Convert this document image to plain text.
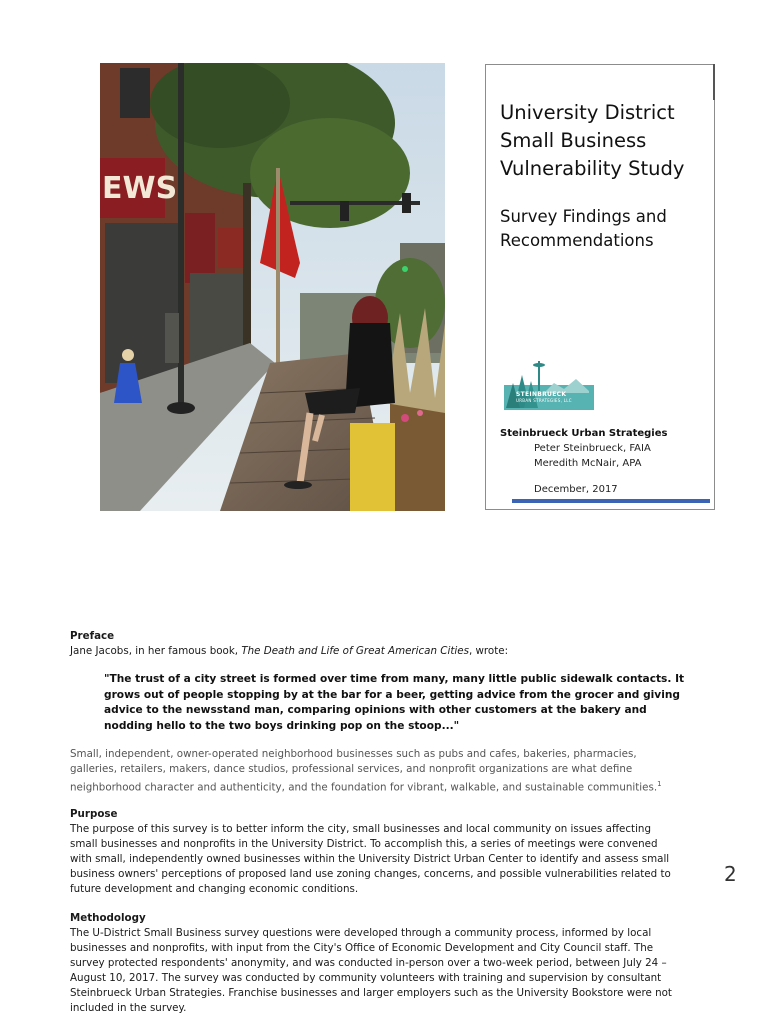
EWS
University District
Small Business
Vulnerability Study
Survey Findings and
Recommendations
STEINBRUECK
URBAN STRATEGIES, LLC
Steinbrueck Urban Strategies
Peter Steinbrueck, FAIA
Meredith McNair, APA
December, 2017
Preface
Jane Jacobs, in her famous book, The Death and Life of Great American Cities, wrote:
"The trust of a city street is formed over time from many, many little public sidewalk contacts. It
grows out of people stopping by at the bar for a beer, getting advice from the grocer and giving
advice to the newsstand man, comparing opinions with other customers at the bakery and
nodding hello to the two boys drinking pop on the stoop..."
Small, independent, owner-operated neighborhood businesses such as pubs and cafes, bakeries, pharmacies,
galleries, retailers, makers, dance studios, professional services, and nonprofit organizations are what define
neighborhood character and authenticity, and the foundation for vibrant, walkable, and sustainable communities.$^1$
Purpose
The purpose of this survey is to better inform the city, small businesses and local community on issues affecting
small businesses and nonprofits in the University District. To accomplish this, a series of meetings were convened
with small, independently owned businesses within the University District Urban Center to identify and assess small
business owners' perceptions of proposed land use zoning changes, concerns, and possible vulnerabilities related to
future development and changing economic conditions.
Methodology
The U-District Small Business survey questions were developed through a community process, informed by local
businesses and nonprofits, with input from the City's Office of Economic Development and City Council staff. The
survey protected respondents' anonymity, and was conducted in-person over a two-week period, between July 24 –
August 10, 2017. The survey was conducted by community volunteers with training and supervision by consultant
Steinbrueck Urban Strategies. Franchise businesses and larger employers such as the University Bookstore were not
included in the survey.
2
